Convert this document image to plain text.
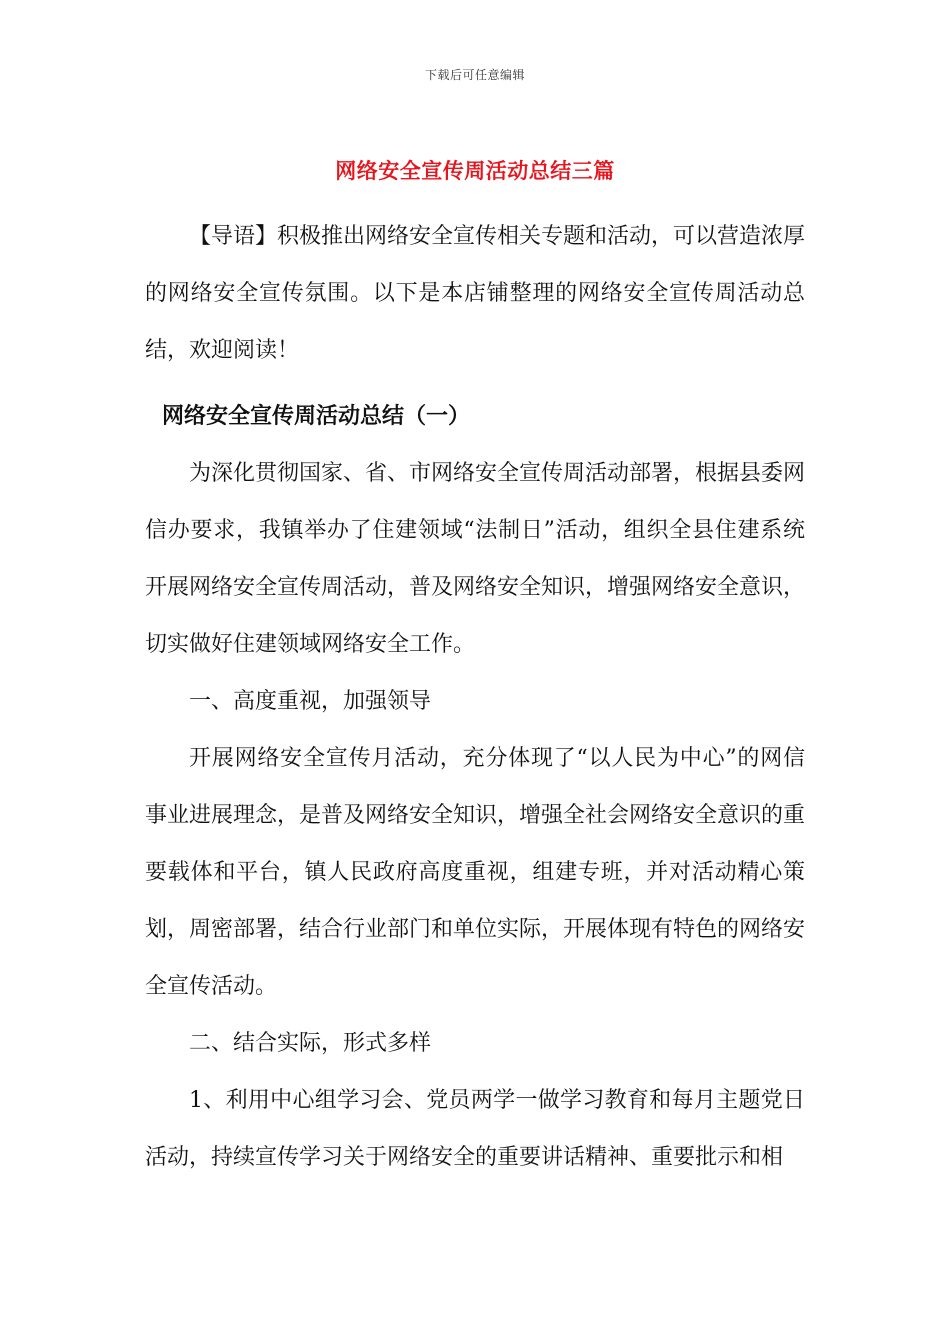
下载后可任意编辑
网络安全宣传周活动总结三篇

【导语】积极推出网络安全宣传相关专题和活动，可以营造浓厚的网络安全宣传氛围。以下是本店铺整理的网络安全宣传周活动总结，欢迎阅读！

网络安全宣传周活动总结（一）

为深化贯彻国家、省、市网络安全宣传周活动部署，根据县委网信办要求，我镇举办了住建领域“法制日”活动，组织全县住建系统开展网络安全宣传周活动，普及网络安全知识，增强网络安全意识，切实做好住建领域网络安全工作。

一、高度重视，加强领导

开展网络安全宣传月活动，充分体现了“以人民为中心”的网信事业进展理念，是普及网络安全知识，增强全社会网络安全意识的重要载体和平台，镇人民政府高度重视，组建专班，并对活动精心策划，周密部署，结合行业部门和单位实际，开展体现有特色的网络安全宣传活动。

二、结合实际，形式多样

1、利用中心组学习会、党员两学一做学习教育和每月主题党日活动，持续宣传学习关于网络安全的重要讲话精神、重要批示和相
